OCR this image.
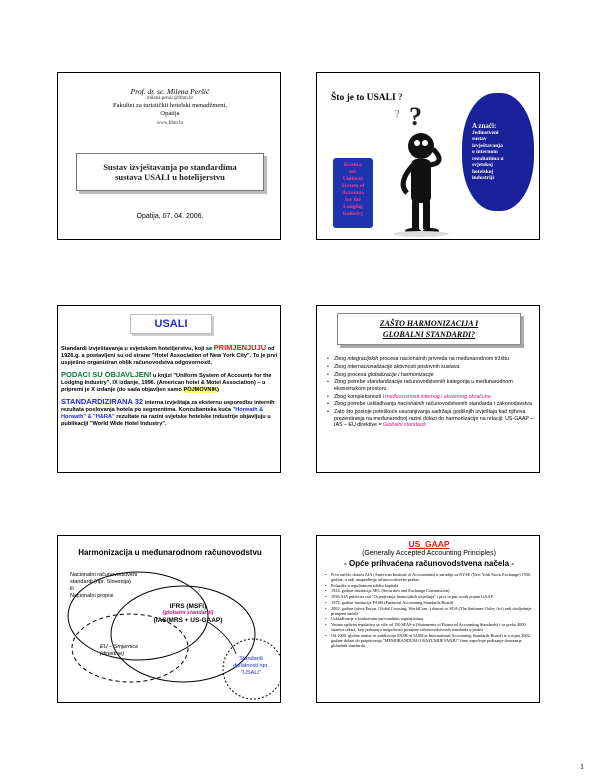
Prof. dr. sc. Milena Peršić
milena.persic@fthm.hr
Fakultet za turističkii hotelski menadžment,
Opatija
www.fthm.hr
Sustav izvještavanja po standardima
sustava USALI u hotelijerstvu
Opatija, 07. 04. 2006.
Što je to USALI ?
?
?
Kratica
od:
Uniform
System of
Accounts
for the
Lodging
Industry
A znači:
Jedinstveni
sustav
izvještavanja
o internom
rezultatima u
svjetskoj
hotelskoj
industriji
USALI

Standardi izvještavanja u svjetskom hotelijerstvu, koji se PRIMJENJUJU od 1926.g. a postavljeni su od strane "Hotel Association of New York City". To je prvi uspješno organiziran oblik računovodstva odgovornosti.

PODACI SU OBJAVLJENI u knjizi "Uniform System of Accounts for the Lodging Industry", IX izdanje, 1996. (American hotel & Motel Association) – u pripremi je X izdanje (do sada objavljen samo POJMOVNIK)

STANDARDIZIRANA 32 interna izvještaja za eksternu usporedbu internih rezultata poslovanja hotela po segmentima. Konzultantska kuća "Horwath & Horwath" & "H&RA" rezultate na razini svjetske hotelske industrije objavljuju u publikaciji "World Wide Hotel Industry".

ZAŠTO HARMONIZACIJA I
GLOBALNI STANDARDI?
• Zbog integracijskih procesa nacionalnih privreda na međunarodnom tržištu
• Zbog internacionalizacije aktivnosti poslovnih sustava
• Zbog procesa globalizacije i harmonizacije
• Zbog potrebe standardizacije računovodstvenih kategorija u međunarodnom ekonomskom prostoru
• Zbog kompleksnosti i međuovisnosti internog i eksternog obračuna
• Zbog potrebe usklađivanja nacionalnih računovodstvenih standarda i zakonodavstva
• Zato što postoje poteškoće usuranjivanja sadržaja godišnjih izvještaja kad njihova prezentiranja na međunarodnoj razini dolazi do harmonizacije na relaciji: US-GAAP – IAS – EU direktive = Globalni standardi
Harmonizacija u međunarodnom računovodstvu
Nacionalni računovodstveni
standardi (npr. Slovenija)
ili
Nacionalni propisi
IFRS (MSFI)
(globalni standardi)
(IAS/MRS + US-GAAP)
EU – Smjernice
(direktive)
Standardi
djelatnosti npr.
"USALI"
US_GAAP
(Generally Accepted Accounting Principles)
- Opće prihvaćena računovodstvena načela -
• Prvo načelo donosi AIA (American Institute of Accountants) u suradnji sa NYSE (New York Stock Exchange) 1930. godine, a radi unapređenja računovodstvene prakse
• Polazište u reguliranom tržištu kapitala
• 1934. godine institucija SEC (Securities and Exchange Commission)
• 1936 AIA publicira rad "Ocjenjivanje financijskih izvještaja" i prvi se put uvodi pojam GAAP
• 1972. godine institucija FASB (Financial Accounting Standards Board)
• 2002. godine (afera Enron, Global Crossing, WorldCom..) donosi se SOA (The Sarbanes-Oxley Act) radi dosljednije primjene načela
• Usklađivanje s konkretnim nacionalnim regulativama
• Veoma opširna regulativa sa više od 150 SFAS-a (Statements of Financial Accounting Standards) i sa preko 4000 stranica teksta, koji prikazuju mogućnosti primjene računovodstvenih standarda u praksi
• Od 2000. godine unutar se publiciraju FASB-ai IASB-ai International Accounting Standards Board) te u rujnu 2002. godine dolazi do potpisivanja "MEMORANDUM O RAZUMIJEVANJU" čime započinje podizanje dosezanja globalnih standarda
1
